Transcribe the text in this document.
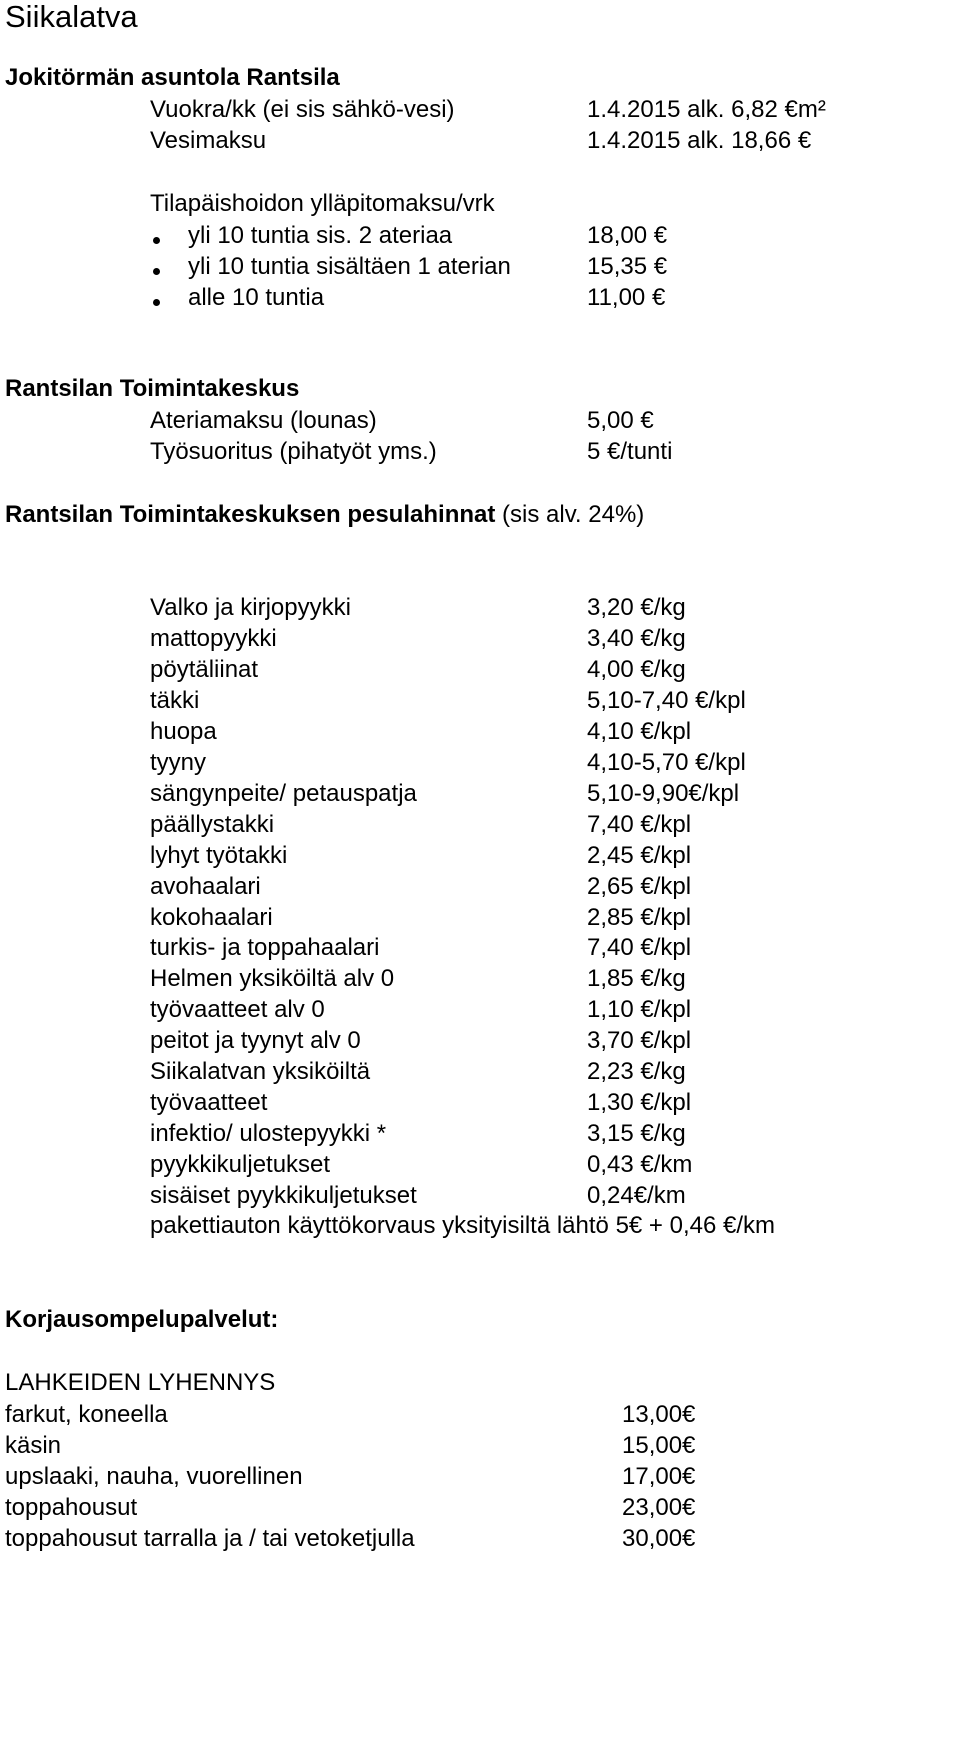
Siikalatva
Jokitörmän asuntola Rantsila
Vuokra/kk (ei sis sähkö-vesi)	1.4.2015 alk. 6,82 €m²
Vesimaksu	1.4.2015 alk. 18,66 €
Tilapäishoidon ylläpitomaksu/vrk
yli 10 tuntia sis. 2 ateriaa	18,00 €
yli 10 tuntia sisältäen 1 aterian	15,35 €
alle 10 tuntia	11,00 €
Rantsilan Toimintakeskus
Ateriamaksu (lounas)	5,00 €
Työsuoritus (pihatyöt yms.)	5 €/tunti
Rantsilan Toimintakeskuksen pesulahinnat (sis alv. 24%)
Valko ja kirjopyykki	3,20 €/kg
mattopyykki	3,40 €/kg
pöytäliinat	4,00 €/kg
täkki	5,10-7,40 €/kpl
huopa	4,10 €/kpl
tyyny	4,10-5,70 €/kpl
sängynpeite/ petauspatja	5,10-9,90€/kpl
päällystakki	7,40 €/kpl
lyhyt työtakki	2,45 €/kpl
avohaalari	2,65 €/kpl
kokohaalari	2,85 €/kpl
turkis- ja toppahaalari	7,40 €/kpl
Helmen yksiköiltä alv 0	1,85 €/kg
työvaatteet alv 0	1,10 €/kpl
peitot ja tyynyt alv 0	3,70 €/kpl
Siikalatvan yksiköiltä	2,23 €/kg
työvaatteet	1,30 €/kpl
infektio/ ulostepyykki *	3,15 €/kg
pyykkikuljetukset	0,43 €/km
sisäiset pyykkikuljetukset	0,24€/km
pakettiauton käyttökorvaus yksityisiltä lähtö 5€ + 0,46 €/km
Korjausompelupalvelut:
LAHKEIDEN LYHENNYS
farkut, koneella	13,00€
käsin	15,00€
upslaaki, nauha, vuorellinen	17,00€
toppahousut	23,00€
toppahousut tarralla ja / tai vetoketjulla	30,00€
